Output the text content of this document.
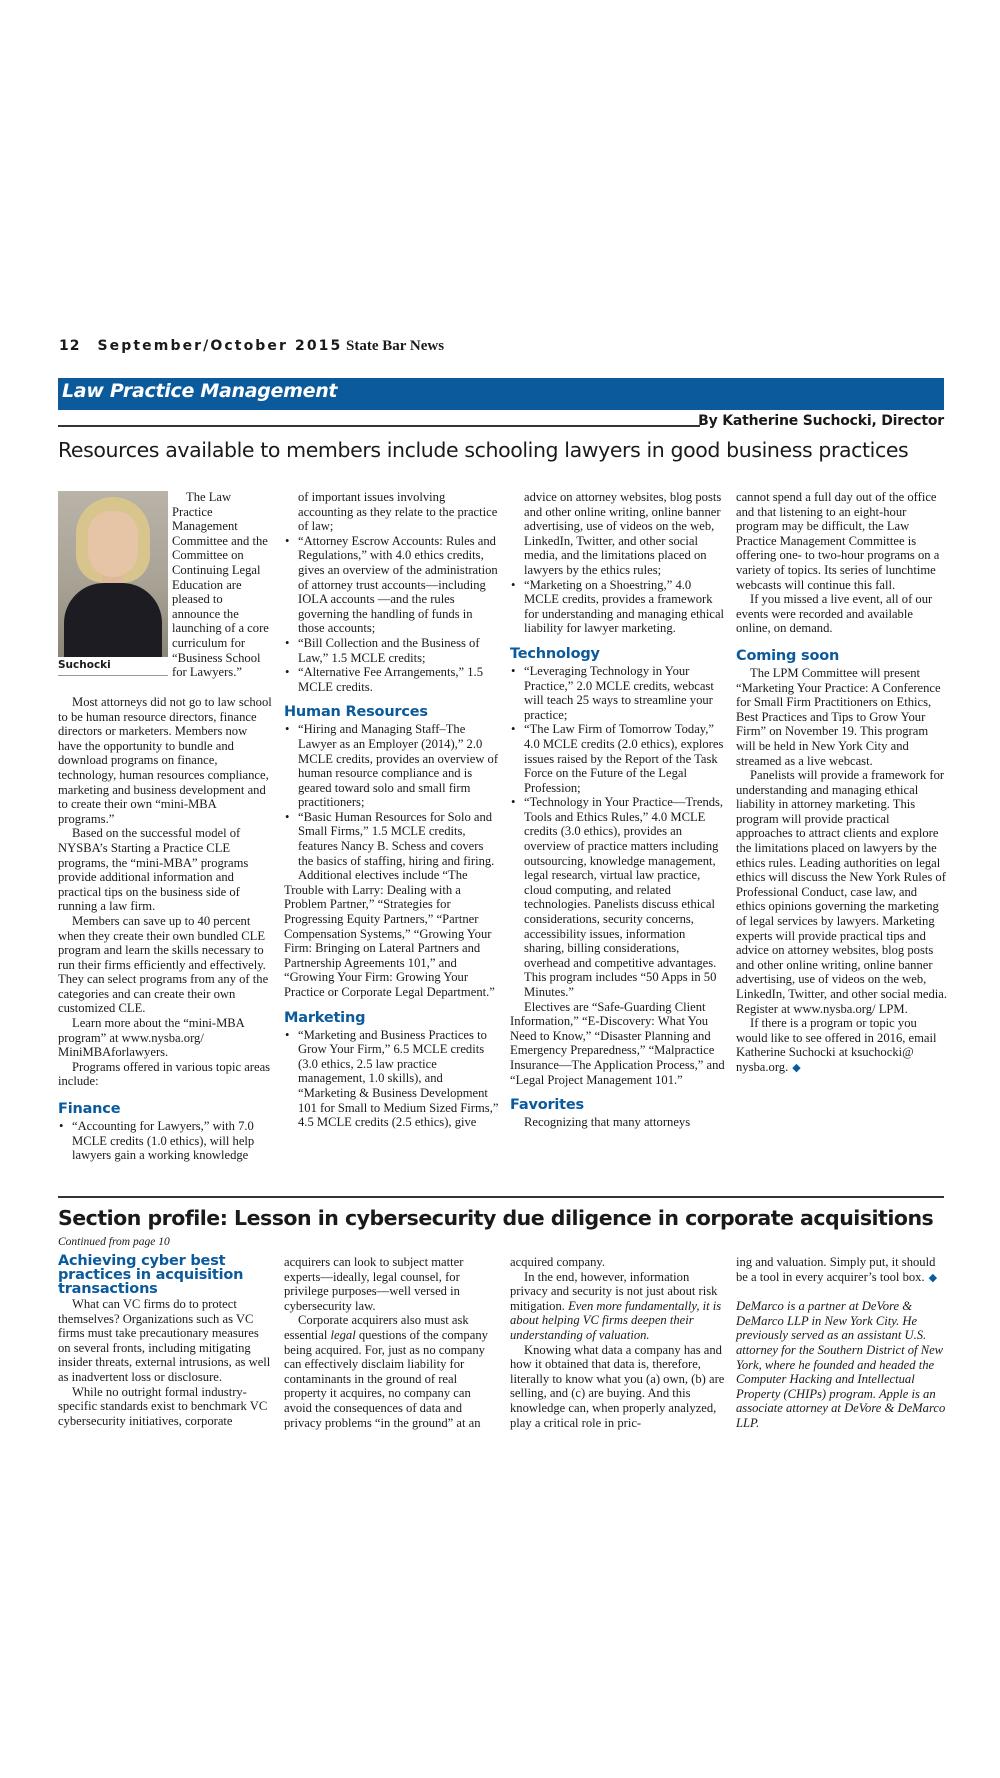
12 September/October 2015 State Bar News
Law Practice Management
By Katherine Suchocki, Director
Resources available to members include schooling lawyers in good business practices
Suchocki

The Law Practice Management Committee and the Committee on Continuing Legal Education are pleased to announce the launching of a core curriculum for “Business School for Lawyers.”

Most attorneys did not go to law school to be human resource directors, finance directors or marketers. Members now have the opportunity to bundle and download programs on finance, technology, human resources compliance, marketing and business development and to create their own “mini-MBA programs.”

Based on the successful model of NYSBA’s Starting a Practice CLE programs, the “mini-MBA” programs provide additional information and practical tips on the business side of running a law firm.

Members can save up to 40 percent when they create their own bundled CLE program and learn the skills necessary to run their firms efficiently and effectively. They can select programs from any of the categories and can create their own customized CLE.

Learn more about the “mini-MBA program” at www.nysba.org/ MiniMBAforlawyers.

Programs offered in various topic areas include:

Finance
• “Accounting for Lawyers,” with 7.0 MCLE credits (1.0 ethics), will help lawyers gain a working knowledge

of important issues involving accounting as they relate to the practice of law;

• “Attorney Escrow Accounts: Rules and Regulations,” with 4.0 ethics credits, gives an overview of the administration of attorney trust accounts—including IOLA accounts —and the rules governing the handling of funds in those accounts;
• “Bill Collection and the Business of Law,” 1.5 MCLE credits;
• “Alternative Fee Arrangements,” 1.5 MCLE credits.
Human Resources
• “Hiring and Managing Staff–The Lawyer as an Employer (2014),” 2.0 MCLE credits, provides an overview of human resource compliance and is geared toward solo and small firm practitioners;
• “Basic Human Resources for Solo and Small Firms,” 1.5 MCLE credits, features Nancy B. Schess and covers the basics of staffing, hiring and firing.

Additional electives include “The Trouble with Larry: Dealing with a Problem Partner,” “Strategies for Progressing Equity Partners,” “Partner Compensation Systems,” “Growing Your Firm: Bringing on Lateral Partners and Partnership Agreements 101,” and “Growing Your Firm: Growing Your Practice or Corporate Legal Department.”

Marketing
• “Marketing and Business Practices to Grow Your Firm,” 6.5 MCLE credits (3.0 ethics, 2.5 law practice management, 1.0 skills), and “Marketing & Business Development 101 for Small to Medium Sized Firms,” 4.5 MCLE credits (2.5 ethics), give

advice on attorney websites, blog posts and other online writing, online banner advertising, use of videos on the web, LinkedIn, Twitter, and other social media, and the limitations placed on lawyers by the ethics rules;

• “Marketing on a Shoestring,” 4.0 MCLE credits, provides a framework for understanding and managing ethical liability for lawyer marketing.
Technology
• “Leveraging Technology in Your Practice,” 2.0 MCLE credits, webcast will teach 25 ways to streamline your practice;
• “The Law Firm of Tomorrow Today,” 4.0 MCLE credits (2.0 ethics), explores issues raised by the Report of the Task Force on the Future of the Legal Profession;
• “Technology in Your Practice—Trends, Tools and Ethics Rules,” 4.0 MCLE credits (3.0 ethics), provides an overview of practice matters including outsourcing, knowledge management, legal research, virtual law practice, cloud computing, and related technologies. Panelists discuss ethical considerations, security concerns, accessibility issues, information sharing, billing considerations, overhead and competitive advantages. This program includes “50 Apps in 50 Minutes.”

Electives are “Safe-Guarding Client Information,” “E-Discovery: What You Need to Know,” “Disaster Planning and Emergency Preparedness,” “Malpractice Insurance—The Application Process,” and “Legal Project Management 101.”

Favorites

Recognizing that many attorneys

cannot spend a full day out of the office and that listening to an eight-hour program may be difficult, the Law Practice Management Committee is offering one- to two-hour programs on a variety of topics. Its series of lunchtime webcasts will continue this fall.

If you missed a live event, all of our events were recorded and available online, on demand.

Coming soon

The LPM Committee will present “Marketing Your Practice: A Conference for Small Firm Practitioners on Ethics, Best Practices and Tips to Grow Your Firm” on November 19. This program will be held in New York City and streamed as a live webcast.

Panelists will provide a framework for understanding and managing ethical liability in attorney marketing. This program will provide practical approaches to attract clients and explore the limitations placed on lawyers by the ethics rules. Leading authorities on legal ethics will discuss the New York Rules of Professional Conduct, case law, and ethics opinions governing the marketing of legal services by lawyers. Marketing experts will provide practical tips and advice on attorney websites, blog posts and other online writing, online banner advertising, use of videos on the web, LinkedIn, Twitter, and other social media. Register at www.nysba.org/ LPM.

If there is a program or topic you would like to see offered in 2016, email Katherine Suchocki at ksuchocki@ nysba.org. ◆

Section profile: Lesson in cybersecurity due diligence in corporate acquisitions
Continued from page 10
Achieving cyber best practices in acquisition transactions

What can VC firms do to protect themselves? Organizations such as VC firms must take precautionary measures on several fronts, including mitigating insider threats, external intrusions, as well as inadvertent loss or disclosure.

While no outright formal industry-specific standards exist to benchmark VC cybersecurity initiatives, corporate

acquirers can look to subject matter experts—ideally, legal counsel, for privilege purposes—well versed in cybersecurity law.

Corporate acquirers also must ask essential legal questions of the company being acquired. For, just as no company can effectively disclaim liability for contaminants in the ground of real property it acquires, no company can avoid the consequences of data and privacy problems “in the ground” at an

acquired company.

In the end, however, information privacy and security is not just about risk mitigation. Even more fundamentally, it is about helping VC firms deepen their understanding of valuation.

Knowing what data a company has and how it obtained that data is, therefore, literally to know what you (a) own, (b) are selling, and (c) are buying. And this knowledge can, when properly analyzed, play a critical role in pric-

ing and valuation. Simply put, it should be a tool in every acquirer’s tool box. ◆

DeMarco is a partner at DeVore & DeMarco LLP in New York City. He previously served as an assistant U.S. attorney for the Southern District of New York, where he founded and headed the Computer Hacking and Intellectual Property (CHIPs) program. Apple is an associate attorney at DeVore & DeMarco LLP.
